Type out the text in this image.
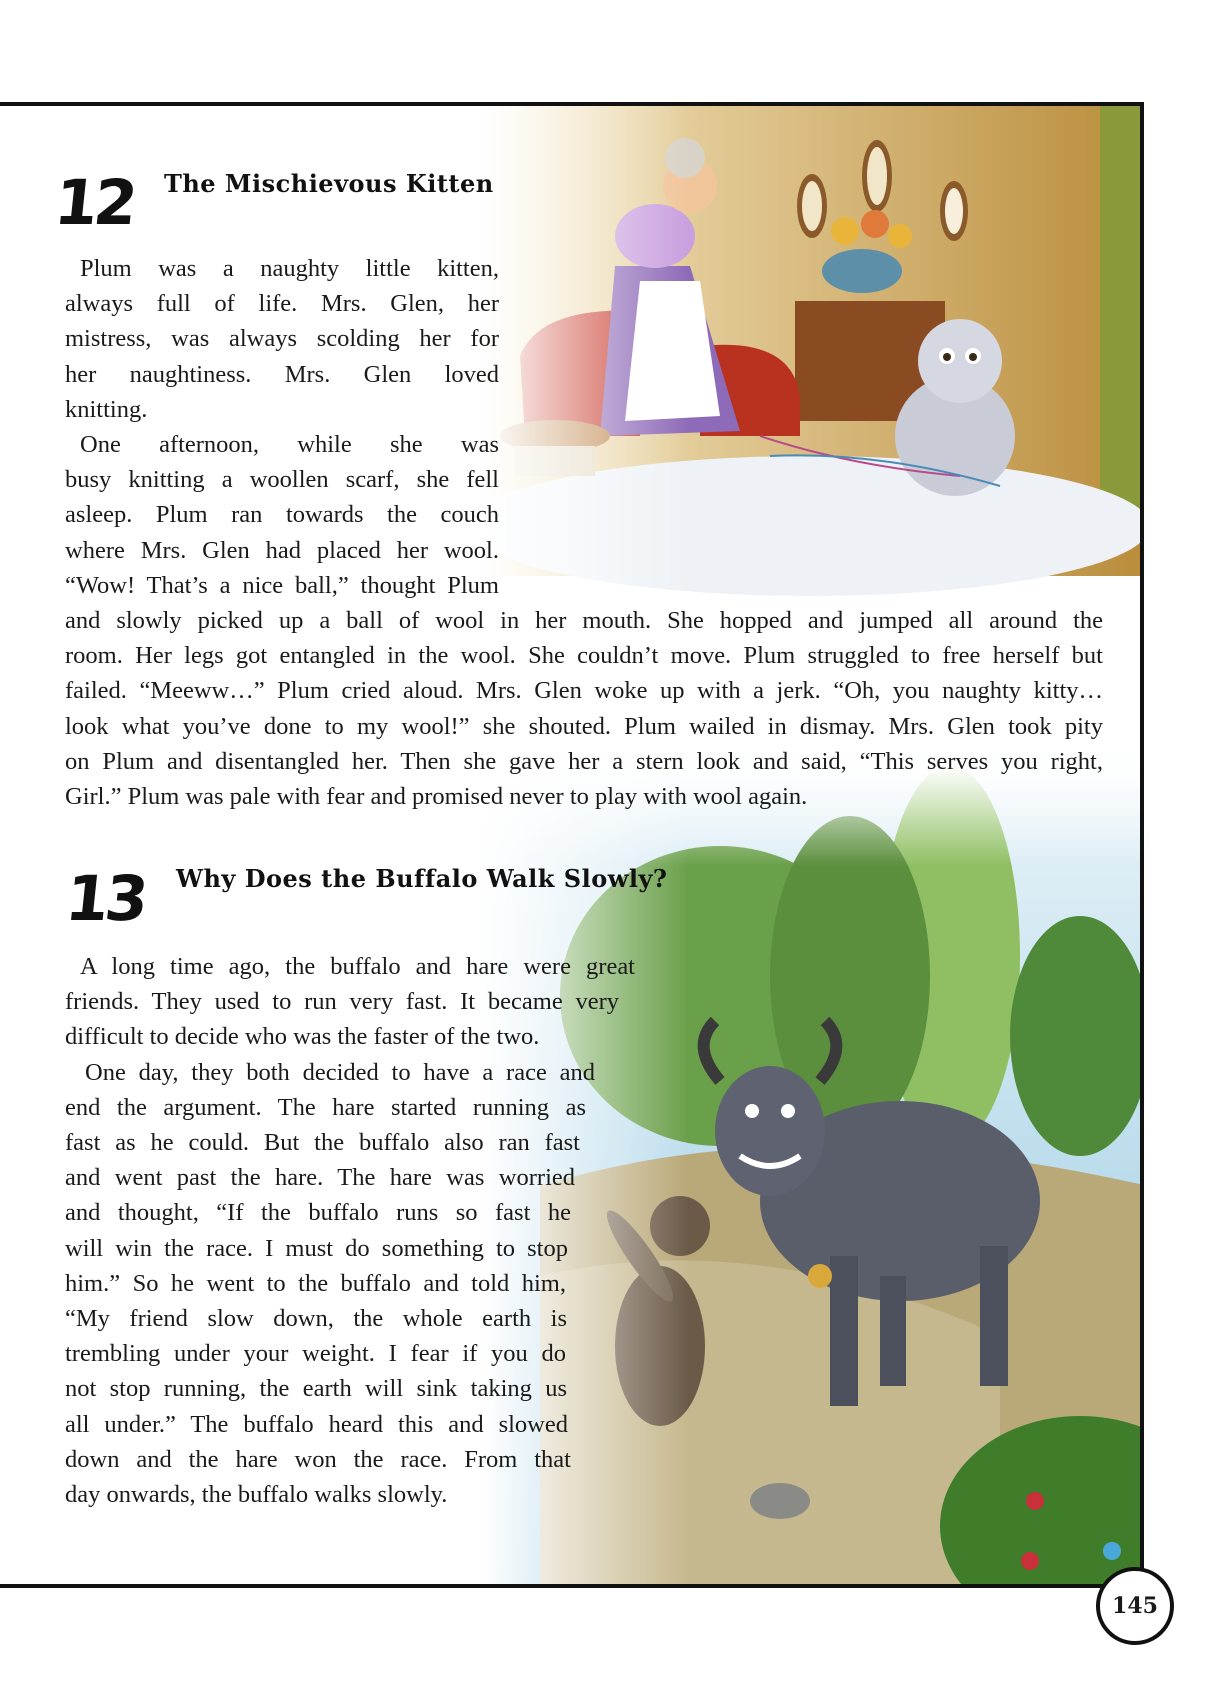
12 The Mischievous Kitten
Plum was a naughty little kitten,
always full of life. Mrs. Glen, her
mistress, was always scolding her for
her naughtiness. Mrs. Glen loved
knitting.
One afternoon, while she was
busy knitting a woollen scarf, she fell
asleep. Plum ran towards the couch
where Mrs. Glen had placed her wool.
“Wow! That’s a nice ball,” thought Plum
and slowly picked up a ball of wool in her mouth. She hopped and jumped all around the
room. Her legs got entangled in the wool. She couldn’t move. Plum struggled to free herself but
failed. “Meeww…” Plum cried aloud. Mrs. Glen woke up with a jerk. “Oh, you naughty kitty…
look what you’ve done to my wool!” she shouted. Plum wailed in dismay. Mrs. Glen took pity
on Plum and disentangled her. Then she gave her a stern look and said, “This serves you right,
Girl.” Plum was pale with fear and promised never to play with wool again.
13 Why Does the Buffalo Walk Slowly?
A long time ago, the buffalo and hare were great
friends. They used to run very fast. It became very
difficult to decide who was the faster of the two.
One day, they both decided to have a race and
end the argument. The hare started running as
fast as he could. But the buffalo also ran fast
and went past the hare. The hare was worried
and thought, “If the buffalo runs so fast he
will win the race. I must do something to stop
him.” So he went to the buffalo and told him,
“My friend slow down, the whole earth is
trembling under your weight. I fear if you do
not stop running, the earth will sink taking us
all under.” The buffalo heard this and slowed
down and the hare won the race. From that
day onwards, the buffalo walks slowly.
145
